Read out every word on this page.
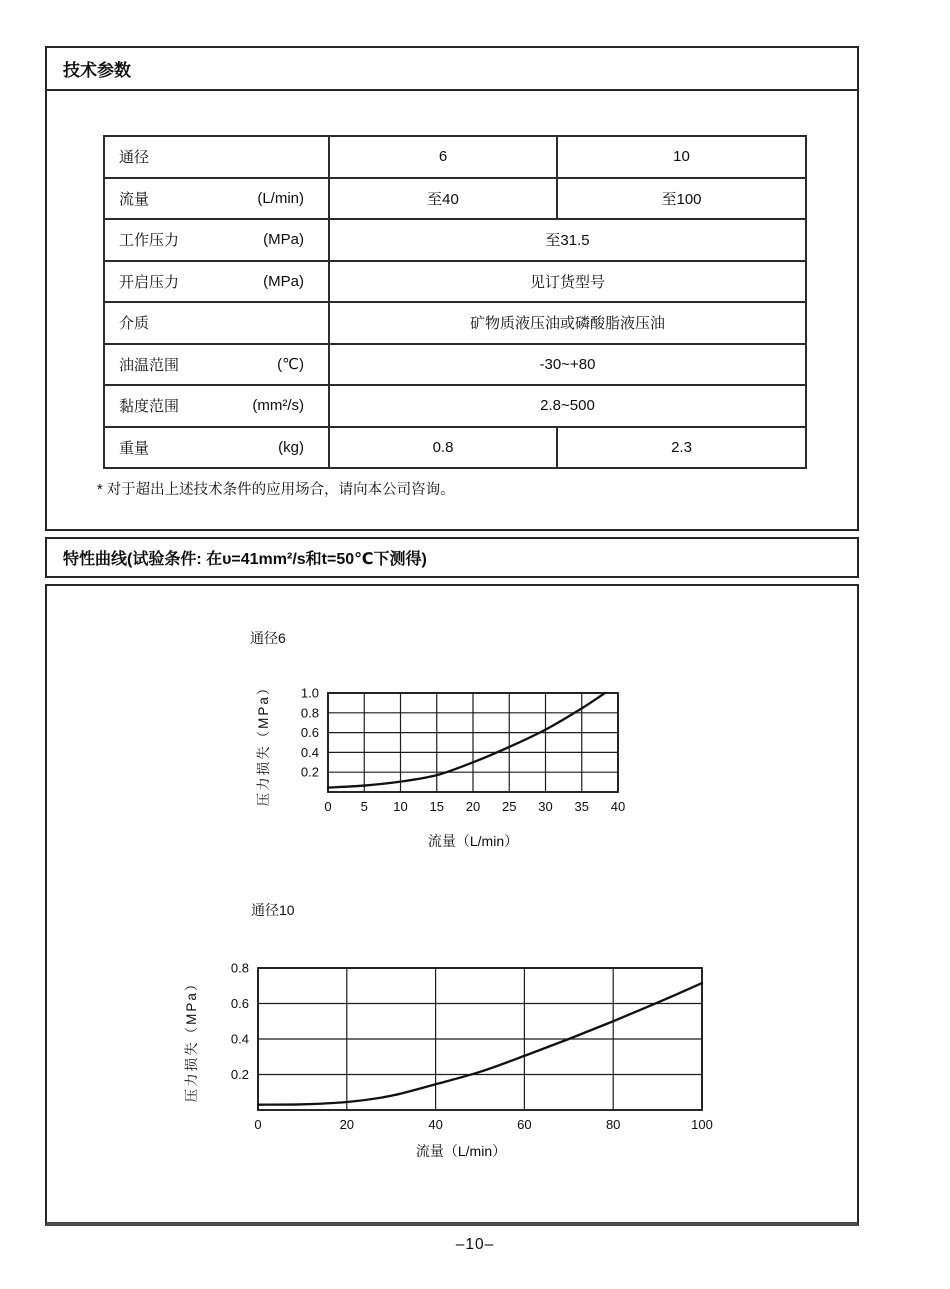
技术参数
通径	6	10

流量 (L/min)	至40	至100

工作压力 (MPa)	至31.5	

开启压力 (MPa)	见订货型号	

介质	矿物质液压油或磷酸脂液压油	

油温范围 (℃)	-30~+80	

黏度范围 (mm²/s)	2.8~500	

重量 (kg)	0.8	2.3
* 对于超出上述技术条件的应用场合，请向本公司咨询。
特性曲线(试验条件: 在υ=41mm²/s和t=50℃下测得)
通径6
压力损失（MPa）
0 5 10 15 20 25 30 35 40
0.2
0.4
0.6
0.8
1.0
流量（L/min）
通径10
压力损失（MPa）
0	20	40	60	80	100
0.2
0.4
0.6
0.8
流量（L/min）
–10–
